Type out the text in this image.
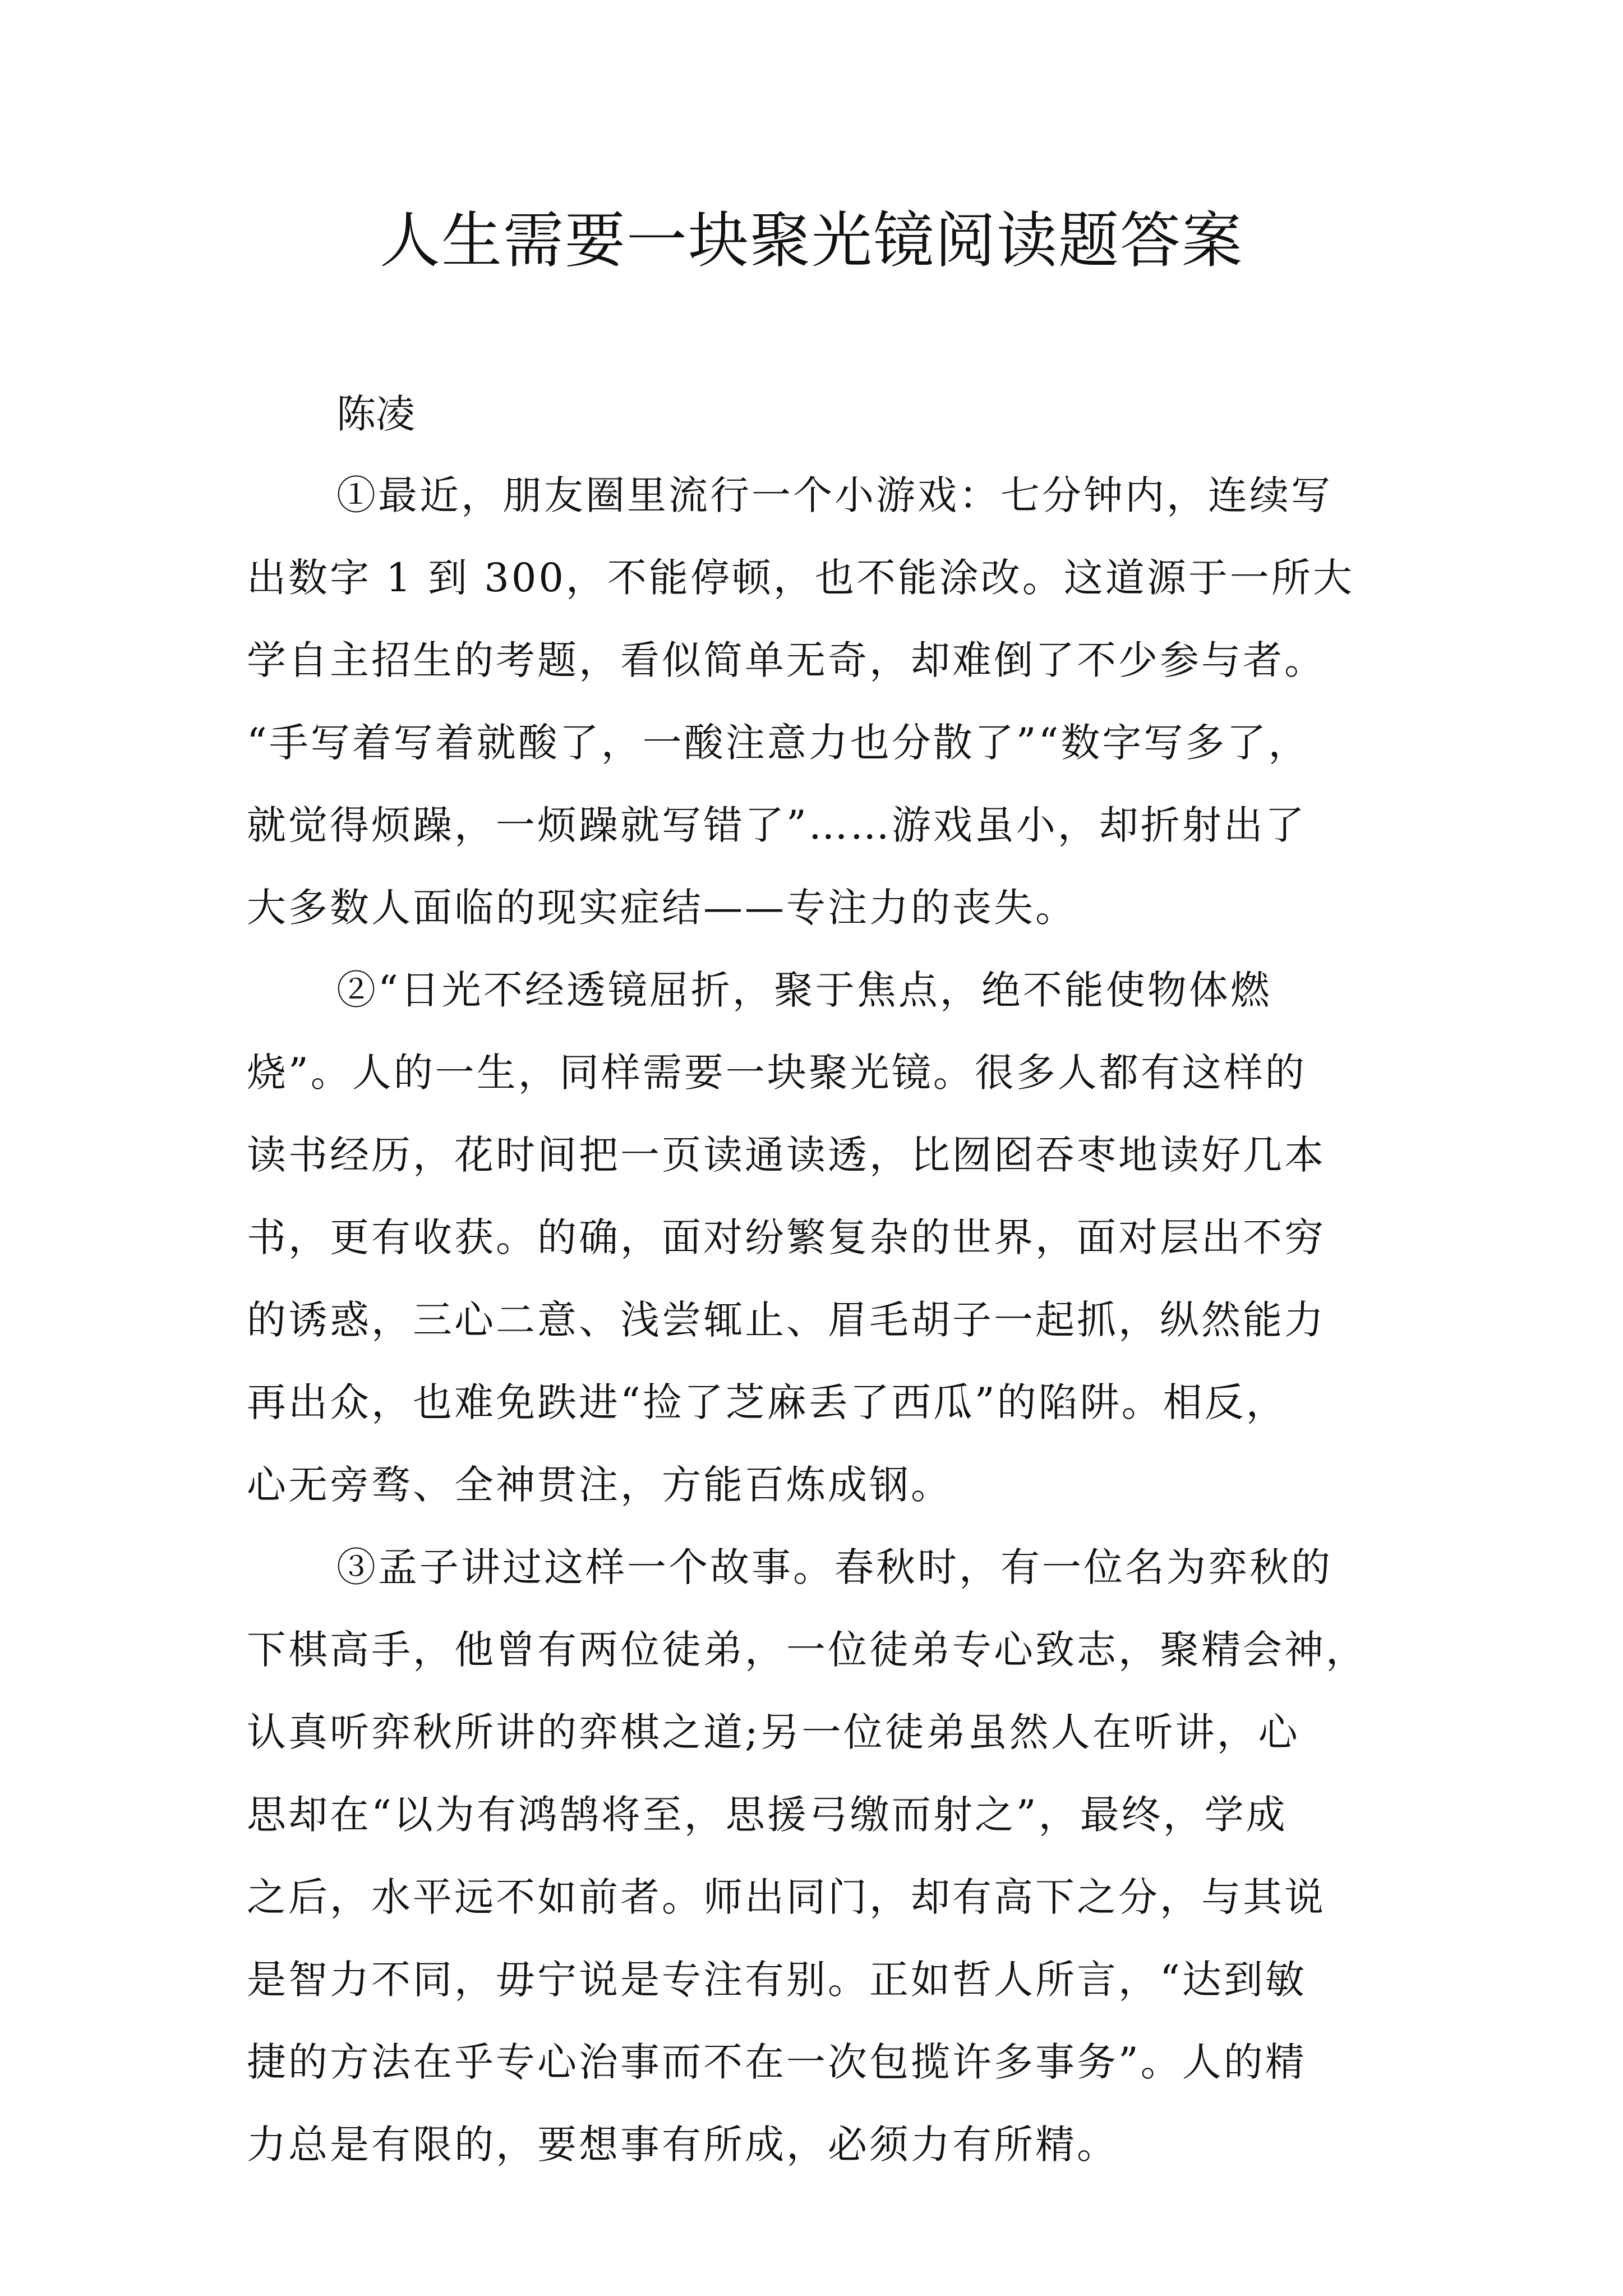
人生需要一块聚光镜阅读题答案
陈凌
①最近，朋友圈里流行一个小游戏：七分钟内，连续写
出数字 1 到 300，不能停顿，也不能涂改。这道源于一所大
学自主招生的考题，看似简单无奇，却难倒了不少参与者。
“手写着写着就酸了，一酸注意力也分散了”“数字写多了，
就觉得烦躁，一烦躁就写错了”……游戏虽小，却折射出了
大多数人面临的现实症结——专注力的丧失。
②“日光不经透镜屈折，聚于焦点，绝不能使物体燃
烧”。人的一生，同样需要一块聚光镜。很多人都有这样的
读书经历，花时间把一页读通读透，比囫囵吞枣地读好几本
书，更有收获。的确，面对纷繁复杂的世界，面对层出不穷
的诱惑，三心二意、浅尝辄止、眉毛胡子一起抓，纵然能力
再出众，也难免跌进“捡了芝麻丢了西瓜”的陷阱。相反，
心无旁骛、全神贯注，方能百炼成钢。
③孟子讲过这样一个故事。春秋时，有一位名为弈秋的
下棋高手，他曾有两位徒弟，一位徒弟专心致志，聚精会神，
认真听弈秋所讲的弈棋之道;另一位徒弟虽然人在听讲，心
思却在“以为有鸿鹄将至，思援弓缴而射之”，最终，学成
之后，水平远不如前者。师出同门，却有高下之分，与其说
是智力不同，毋宁说是专注有别。正如哲人所言，“达到敏
捷的方法在乎专心治事而不在一次包揽许多事务”。人的精
力总是有限的，要想事有所成，必须力有所精。
